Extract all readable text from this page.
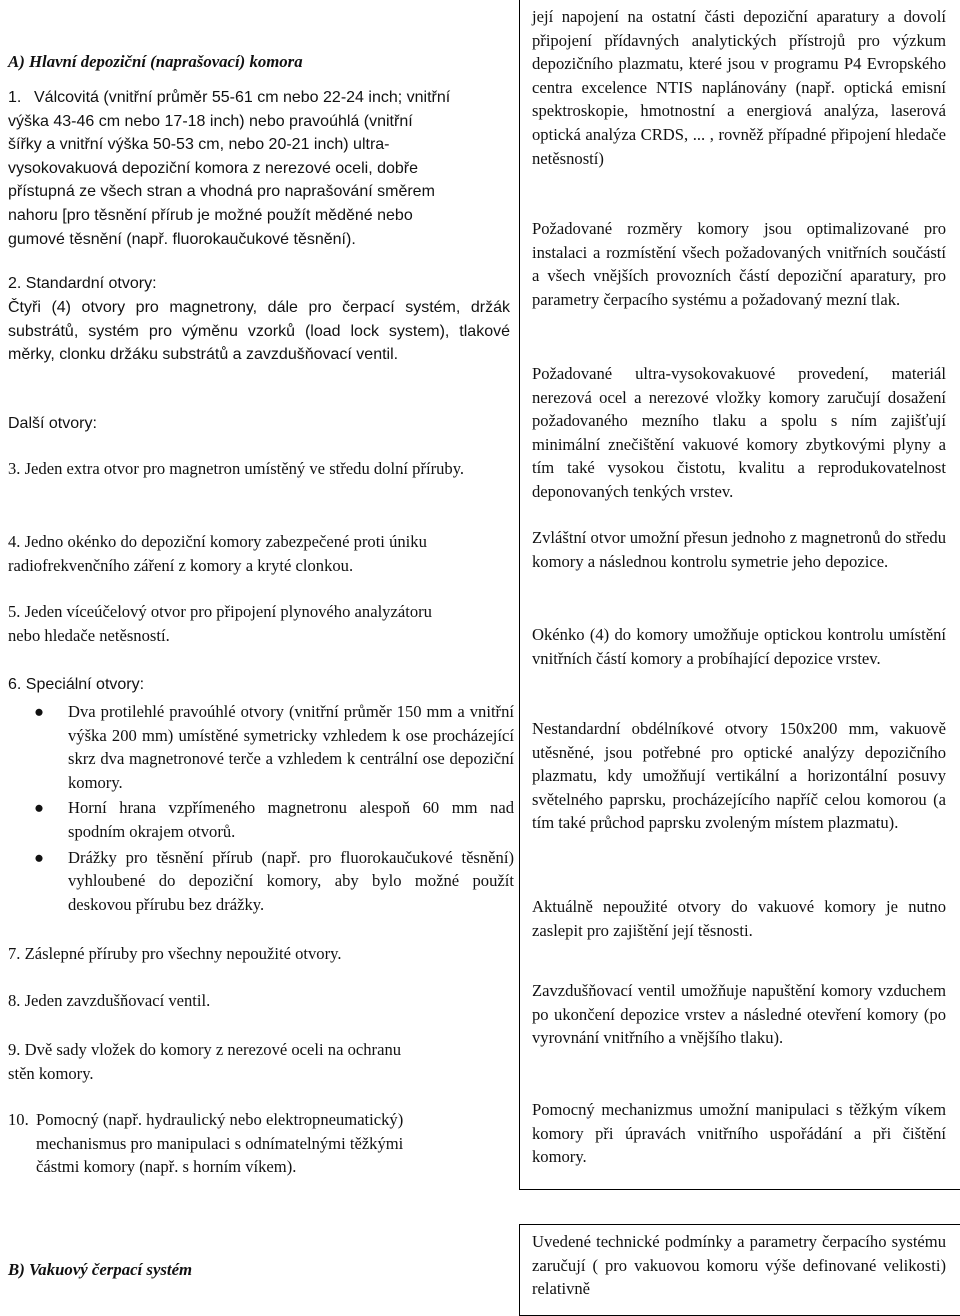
A) Hlavní depoziční (naprašovací) komora
1. Válcovitá (vnitřní průměr 55-61 cm nebo 22-24 inch; vnitřní
výška 43-46 cm nebo 17-18 inch) nebo pravoúhlá (vnitřní
šířky a vnitřní výška 50-53 cm, nebo 20-21 inch) ultra-
vysokovakuová depoziční komora z nerezové oceli, dobře
přístupná ze všech stran a vhodná pro naprašování směrem
nahoru [pro těsnění přírub je možné použít měděné nebo
gumové těsnění (např. fluorokaučukové těsnění).
2. Standardní otvory:
Čtyři (4) otvory pro magnetrony, dále pro čerpací systém, držák substrátů, systém pro výměnu vzorků (load lock system), tlakové měrky, clonku držáku substrátů a zavzdušňovací ventil.
Další otvory:
3. Jeden extra otvor pro magnetron umístěný ve středu dolní příruby.
4. Jedno okénko do depoziční komory zabezpečené proti úniku radiofrekvenčního záření z komory a kryté clonkou.
5. Jeden víceúčelový otvor pro připojení plynového analyzátoru nebo hledače netěsností.
6. Speciální otvory:
● Dva protilehlé pravoúhlé otvory (vnitřní průměr 150 mm a vnitřní výška 200 mm) umístěné symetricky vzhledem k ose procházející skrz dva magnetronové terče a vzhledem k centrální ose depoziční komory.
● Horní hrana vzpřímeného magnetronu alespoň 60 mm nad spodním okrajem otvorů.
● Drážky pro těsnění přírub (např. pro fluorokaučukové těsnění) vyhloubené do depoziční komory, aby bylo možné použít deskovou přírubu bez drážky.
7. Záslepné příruby pro všechny nepoužité otvory.
8. Jeden zavzdušňovací ventil.
9. Dvě sady vložek do komory z nerezové oceli na ochranu
stěn komory.
10. Pomocný (např. hydraulický nebo elektropneumatický)
mechanismus pro manipulaci s odnímatelnými těžkými
částmi komory (např. s horním víkem).
B) Vakuový čerpací systém
její napojení na ostatní části depoziční aparatury a dovolí připojení přídavných analytických přístrojů pro výzkum depozičního plazmatu, které jsou v programu P4 Evropského centra excelence NTIS naplánovány (např. optická emisní spektroskopie, hmotnostní a energiová analýza, laserová optická analýza CRDS, ... , rovněž případné připojení hledače netěsností)
Požadované rozměry komory jsou optimalizované pro instalaci a rozmístění všech požadovaných vnitřních součástí a všech vnějších provozních částí depoziční aparatury, pro parametry čerpacího systému a požadovaný mezní tlak.
Požadované ultra-vysokovakuové provedení, materiál nerezová ocel a nerezové vložky komory zaručují dosažení požadovaného mezního tlaku a spolu s ním zajišťují minimální znečištění vakuové komory zbytkovými plyny a tím také vysokou čistotu, kvalitu a reprodukovatelnost deponovaných tenkých vrstev.
Zvláštní otvor umožní přesun jednoho z magnetronů do středu komory a následnou kontrolu symetrie jeho depozice.
Okénko (4) do komory umožňuje optickou kontrolu umístění vnitřních částí komory a probíhající depozice vrstev.
Nestandardní obdélníkové otvory 150x200 mm, vakuově utěsněné, jsou potřebné pro optické analýzy depozičního plazmatu, kdy umožňují vertikální a horizontální posuvy světelného paprsku, procházejícího napříč celou komorou (a tím také průchod paprsku zvoleným místem plazmatu).
Aktuálně nepoužité otvory do vakuové komory je nutno zaslepit pro zajištění její těsnosti.
Zavzdušňovací ventil umožňuje napuštění komory vzduchem po ukončení depozice vrstev a následné otevření komory (po vyrovnání vnitřního a vnějšího tlaku).
Pomocný mechanizmus umožní manipulaci s těžkým víkem komory při úpravách vnitřního uspořádání a při čištění komory.
Uvedené technické podmínky a parametry čerpacího systému zaručují ( pro vakuovou komoru výše definované velikosti) relativně
